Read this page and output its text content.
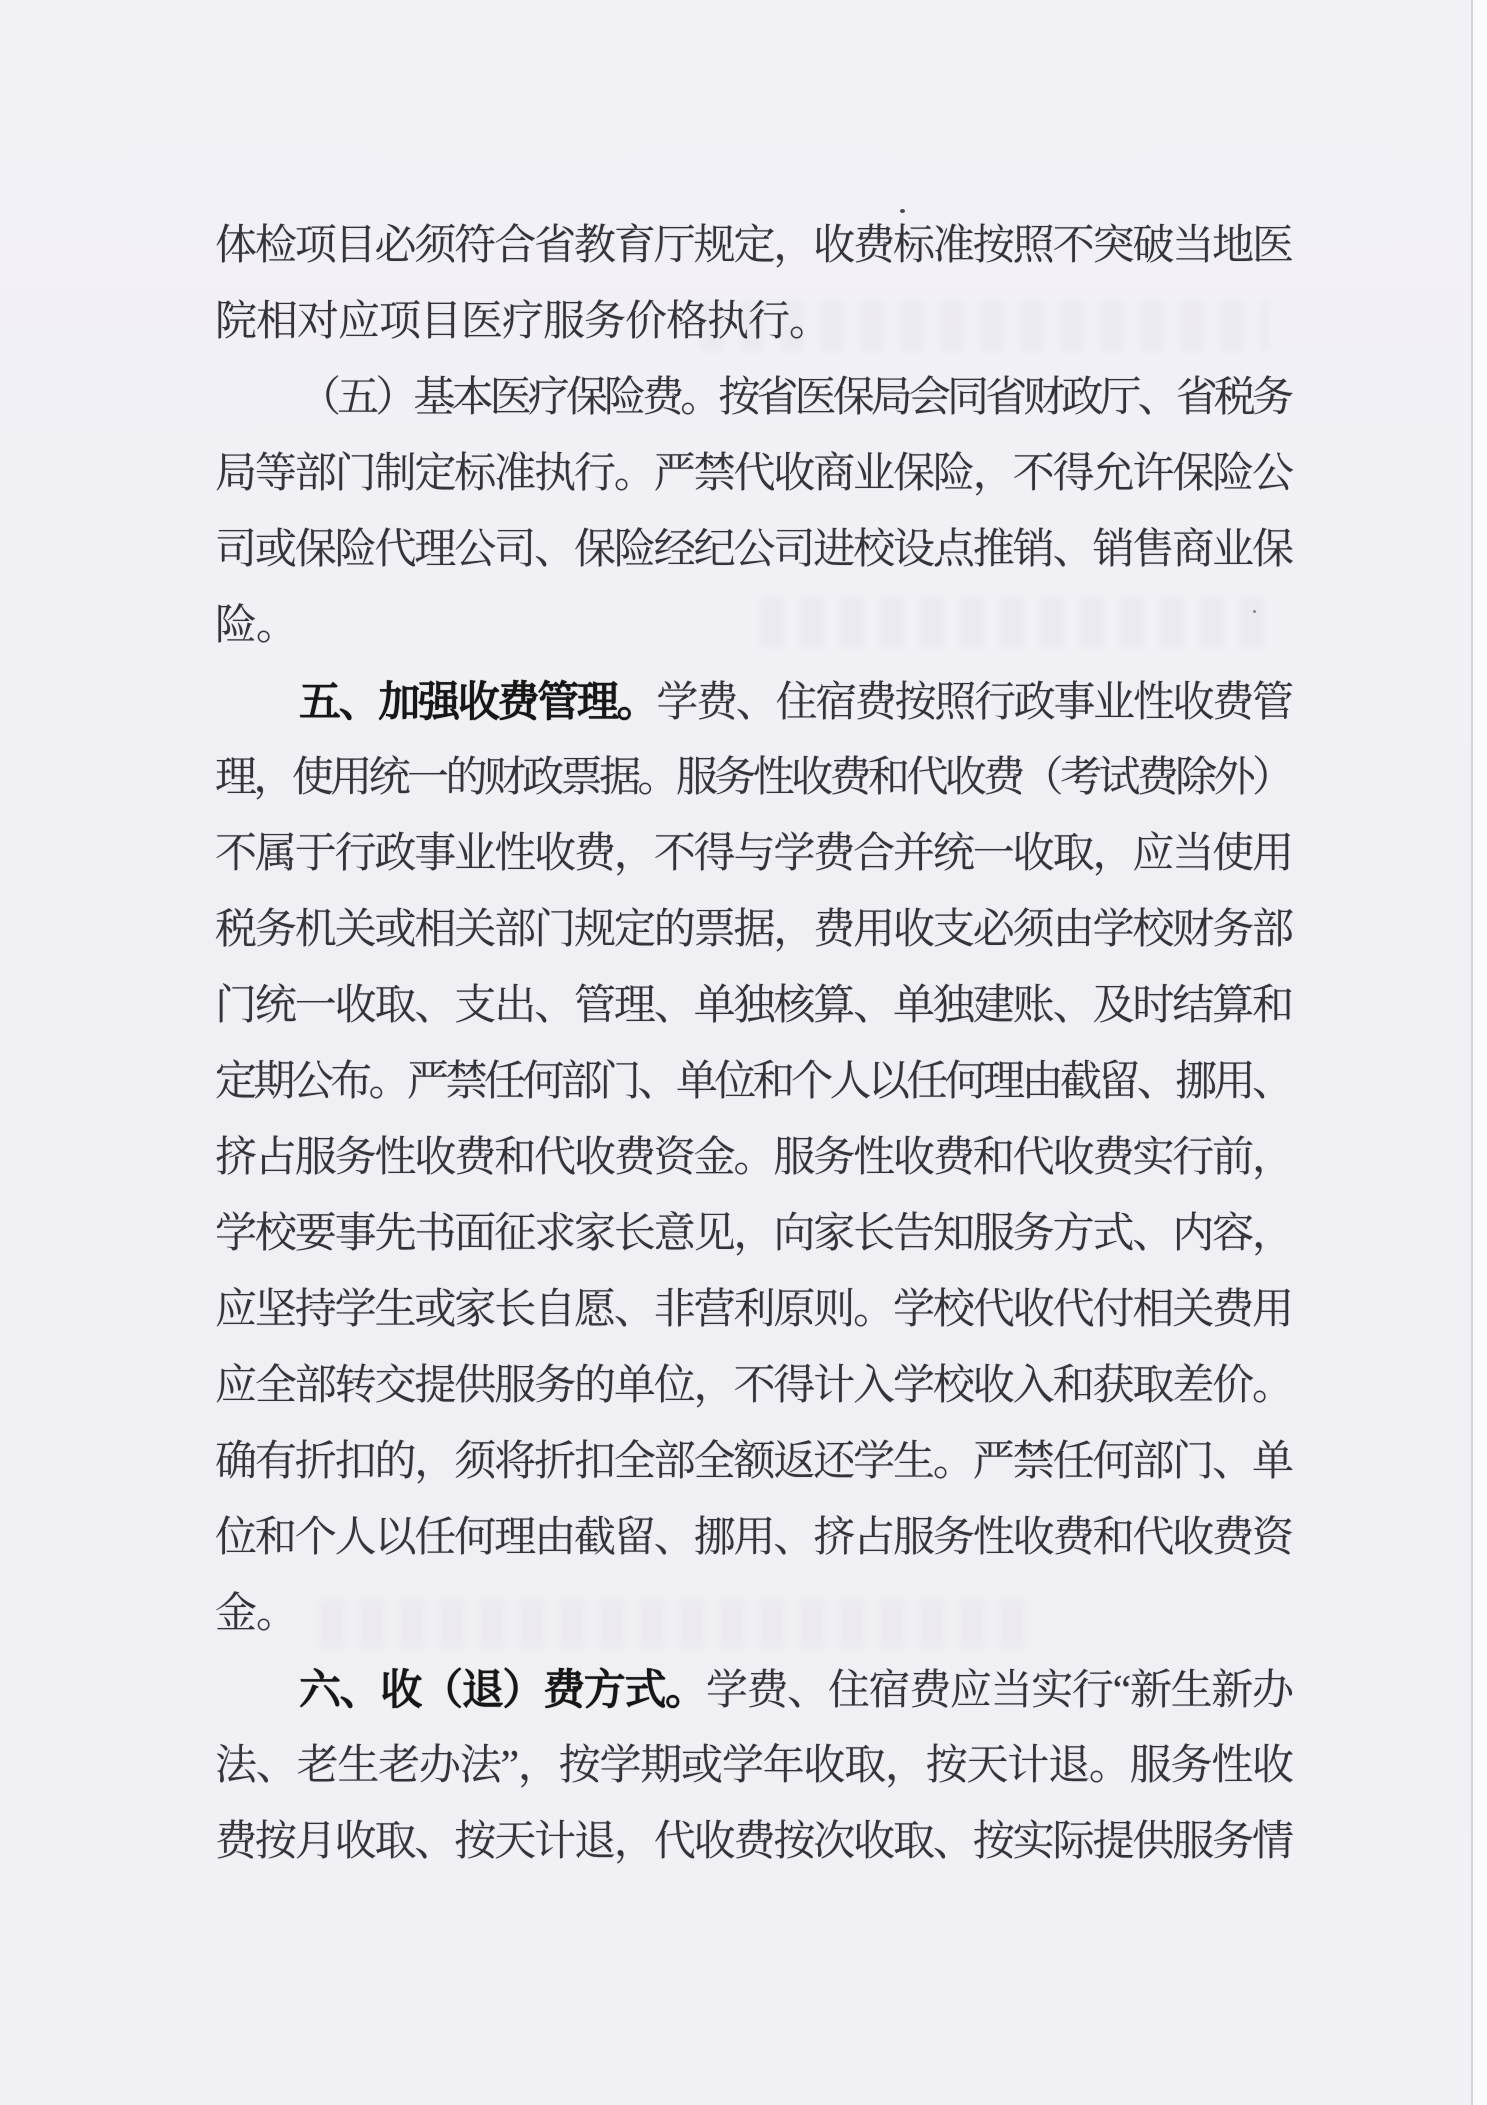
体检项目必须符合省教育厅规定，收费标准按照不突破当地医
院相对应项目医疗服务价格执行。
（五）基本医疗保险费。按省医保局会同省财政厅、省税务
局等部门制定标准执行。严禁代收商业保险，不得允许保险公
司或保险代理公司、保险经纪公司进校设点推销、销售商业保
险。
五、加强收费管理。学费、住宿费按照行政事业性收费管
理，使用统一的财政票据。服务性收费和代收费（考试费除外）
不属于行政事业性收费，不得与学费合并统一收取，应当使用
税务机关或相关部门规定的票据，费用收支必须由学校财务部
门统一收取、支出、管理、单独核算、单独建账、及时结算和
定期公布。严禁任何部门、单位和个人以任何理由截留、挪用、
挤占服务性收费和代收费资金。服务性收费和代收费实行前，
学校要事先书面征求家长意见，向家长告知服务方式、内容，
应坚持学生或家长自愿、非营利原则。学校代收代付相关费用
应全部转交提供服务的单位，不得计入学校收入和获取差价。
确有折扣的，须将折扣全部全额返还学生。严禁任何部门、单
位和个人以任何理由截留、挪用、挤占服务性收费和代收费资
金。
六、收（退）费方式。学费、住宿费应当实行“新生新办
法、老生老办法”，按学期或学年收取，按天计退。服务性收
费按月收取、按天计退，代收费按次收取、按实际提供服务情
